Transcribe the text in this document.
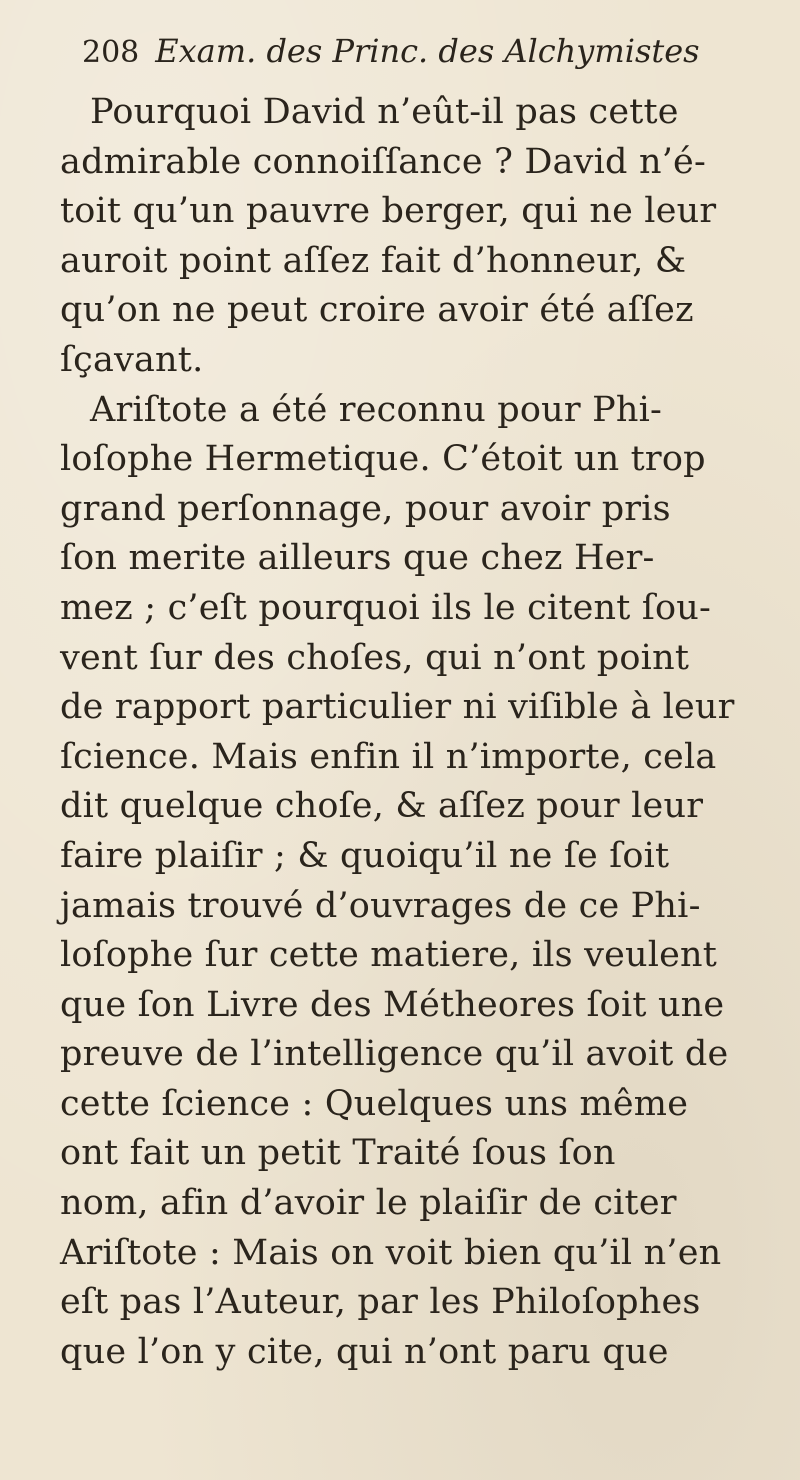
208 Exam. des Princ. des Alchymistes
Pourquoi David n’eût-il pas cette
admirable connoiſſance ? David n’é-
toit qu’un pauvre berger, qui ne leur
auroit point aſſez fait d’honneur, &
qu’on ne peut croire avoir été aſſez
ſçavant.
Ariſtote a été reconnu pour Phi-
loſophe Hermetique. C’étoit un trop
grand perſonnage, pour avoir pris
ſon merite ailleurs que chez Her-
mez ; c’eſt pourquoi ils le citent ſou-
vent ſur des choſes, qui n’ont point
de rapport particulier ni viſible à leur
ſcience. Mais enfin il n’importe, cela
dit quelque choſe, & aſſez pour leur
faire plaiſir ; & quoiqu’il ne ſe ſoit
jamais trouvé d’ouvrages de ce Phi-
loſophe ſur cette matiere, ils veulent
que ſon Livre des Métheores ſoit une
preuve de l’intelligence qu’il avoit de
cette ſcience : Quelques uns même
ont fait un petit Traité ſous ſon
nom, afin d’avoir le plaiſir de citer
Ariſtote : Mais on voit bien qu’il n’en
eſt pas l’Auteur, par les Philoſophes
que l’on y cite, qui n’ont paru que
